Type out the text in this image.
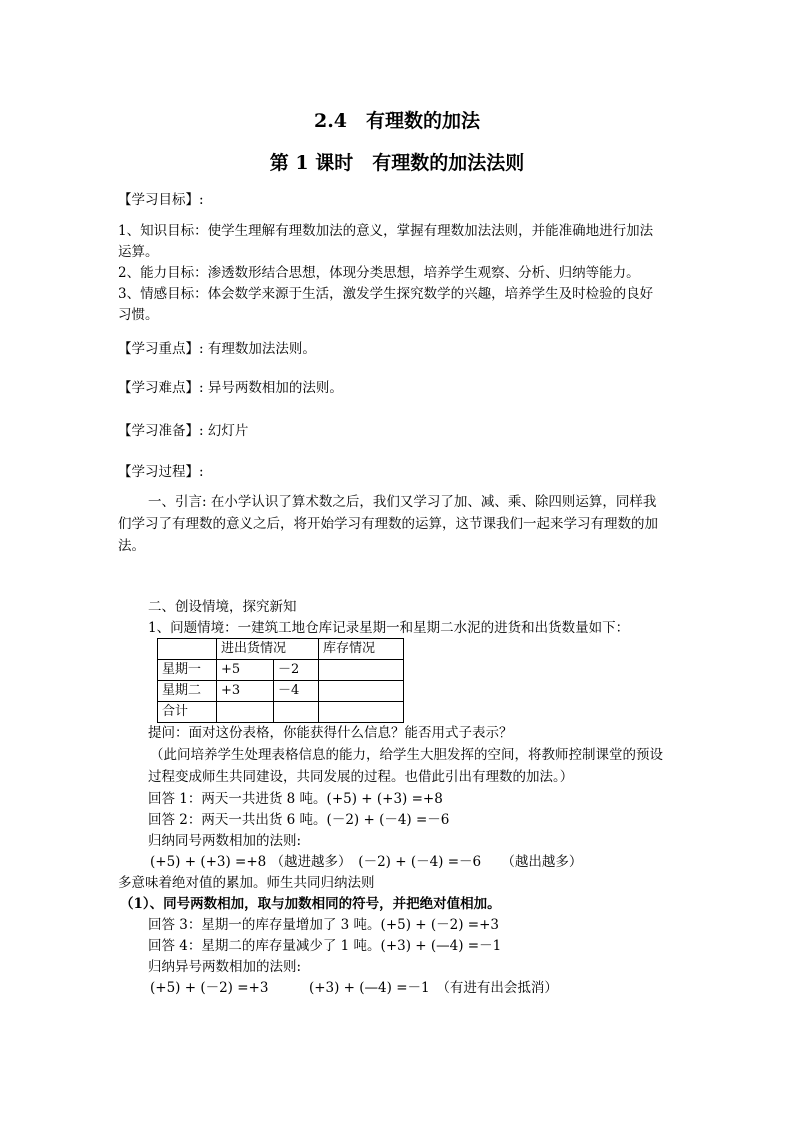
2.4　有理数的加法
第 1 课时　有理数的加法法则
【学习目标】:
1、知识目标：使学生理解有理数加法的意义，掌握有理数加法法则，并能准确地进行加法
运算。
2、能力目标：渗透数形结合思想，体现分类思想，培养学生观察、分析、归纳等能力。
3、情感目标：体会数学来源于生活，激发学生探究数学的兴趣，培养学生及时检验的良好
习惯。
【学习重点】: 有理数加法法则。
【学习难点】: 异号两数相加的法则。
【学习准备】: 幻灯片
【学习过程】:
一、引言: 在小学认识了算术数之后，我们又学习了加、减、乘、除四则运算，同样我
们学习了有理数的意义之后，将开始学习有理数的运算，这节课我们一起来学习有理数的加
法。
二、创设情境，探究新知
1、问题情境：一建筑工地仓库记录星期一和星期二水泥的进货和出货数量如下：
	进出货情况		库存情况
星期一	+5	－2	
星期二	+3	－4	
合计			
提问：面对这份表格，你能获得什么信息？能否用式子表示？
（此问培养学生处理表格信息的能力，给学生大胆发挥的空间，将教师控制课堂的预设
过程变成师生共同建设，共同发展的过程。也借此引出有理数的加法。）
回答 1：两天一共进货 8 吨。(+5) + (+3) =+8
回答 2：两天一共出货 6 吨。(－2) + (－4) =－6
归纳同号两数相加的法则:
(+5) + (+3) =+8 （越进越多）　(－2) + (－4) =－6　　（越出越多）
多意味着绝对值的累加。师生共同归纳法则
（1）、同号两数相加，取与加数相同的符号，并把绝对值相加。
回答 3：星期一的库存量增加了 3 吨。(+5) + (－2) =+3
回答 4：星期二的库存量减少了 1 吨。(+3) + (—4) =－1
归纳异号两数相加的法则:
(+5) + (－2) =+3　　　(+3) + (—4) =－1　（有进有出会抵消）
